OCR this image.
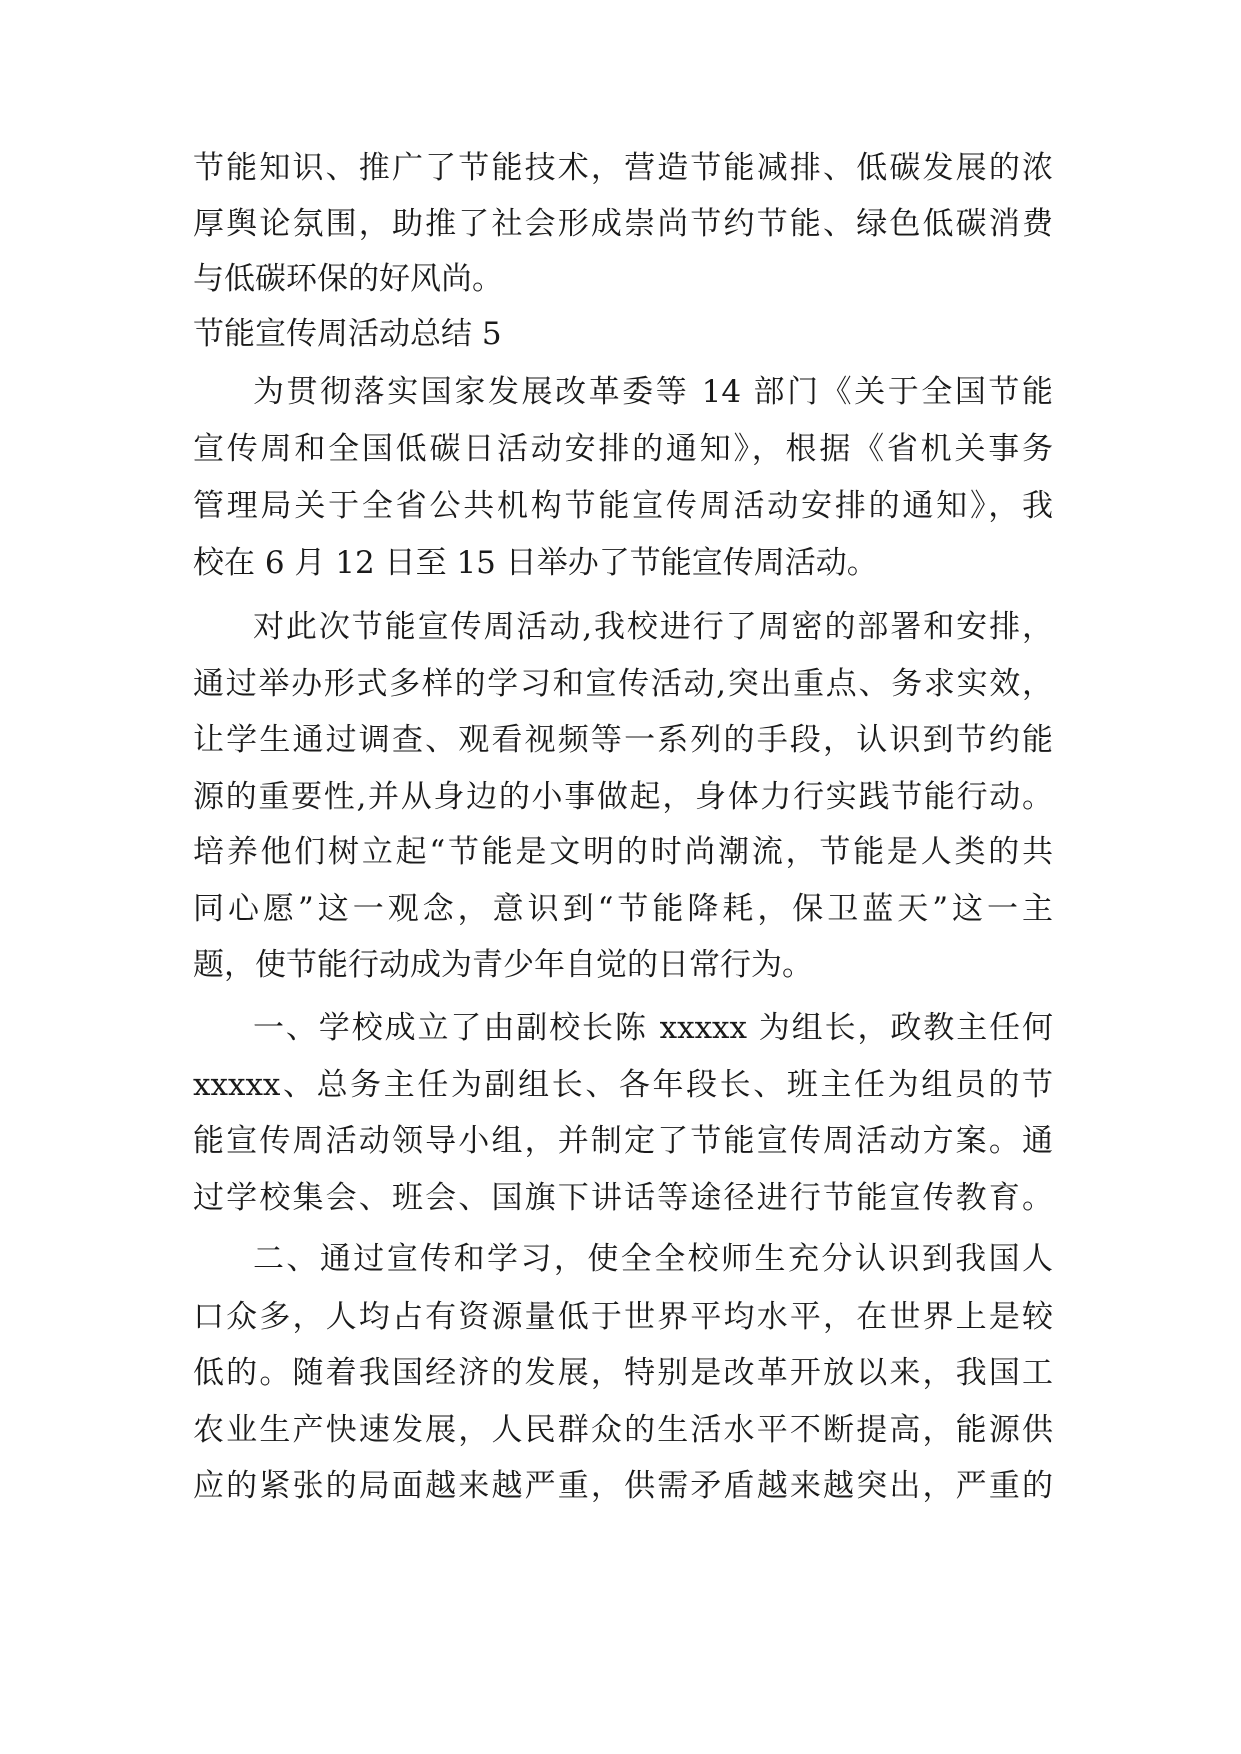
节能知识、推广了节能技术，营造节能减排、低碳发展的浓
厚舆论氛围，助推了社会形成崇尚节约节能、绿色低碳消费
与低碳环保的好风尚。
节能宣传周活动总结 5
为贯彻落实国家发展改革委等 14 部门《关于全国节能
宣传周和全国低碳日活动安排的通知》，根据《省机关事务
管理局关于全省公共机构节能宣传周活动安排的通知》，我
校在 6 月 12 日至 15 日举办了节能宣传周活动。
对此次节能宣传周活动,我校进行了周密的部署和安排，
通过举办形式多样的学习和宣传活动,突出重点、务求实效，
让学生通过调查、观看视频等一系列的手段，认识到节约能
源的重要性,并从身边的小事做起，身体力行实践节能行动。
培养他们树立起“节能是文明的时尚潮流，节能是人类的共
同心愿”这一观念，意识到“节能降耗，保卫蓝天”这一主
题，使节能行动成为青少年自觉的日常行为。
一、学校成立了由副校长陈 xxxxx 为组长，政教主任何
xxxxx、总务主任为副组长、各年段长、班主任为组员的节
能宣传周活动领导小组，并制定了节能宣传周活动方案。通
过学校集会、班会、国旗下讲话等途径进行节能宣传教育。
二、通过宣传和学习，使全全校师生充分认识到我国人
口众多，人均占有资源量低于世界平均水平，在世界上是较
低的。随着我国经济的发展，特别是改革开放以来，我国工
农业生产快速发展，人民群众的生活水平不断提高，能源供
应的紧张的局面越来越严重，供需矛盾越来越突出，严重的
